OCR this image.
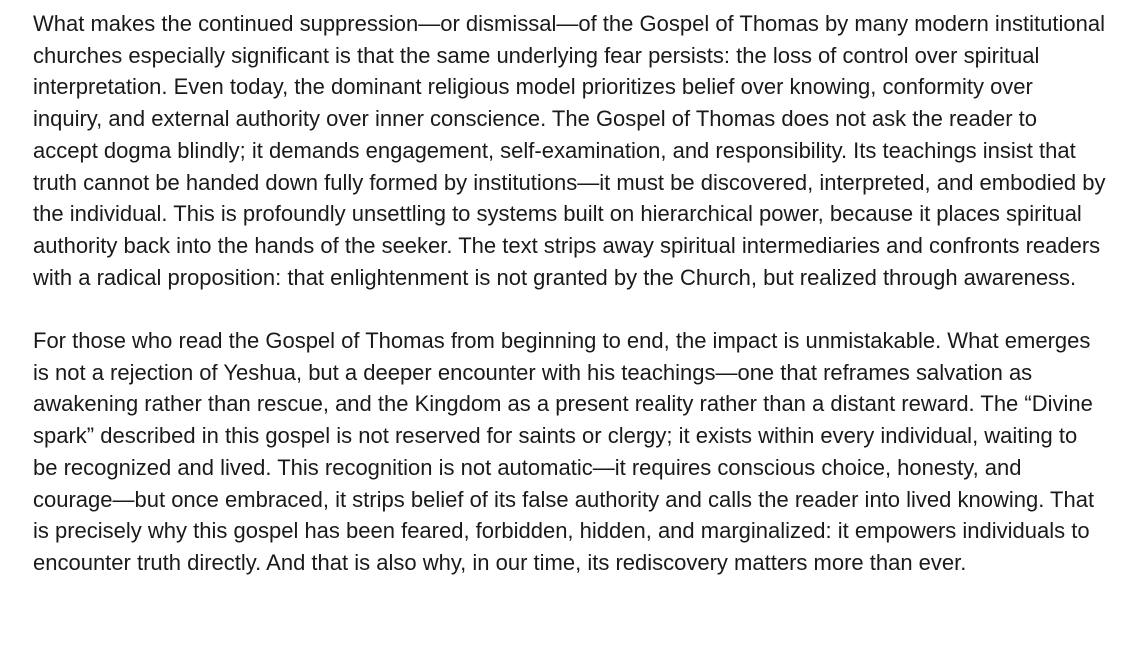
What makes the continued suppression—or dismissal—of the Gospel of Thomas by many modern institutional churches especially significant is that the same underlying fear persists: the loss of control over spiritual interpretation. Even today, the dominant religious model prioritizes belief over knowing, conformity over inquiry, and external authority over inner conscience. The Gospel of Thomas does not ask the reader to accept dogma blindly; it demands engagement, self-examination, and responsibility. Its teachings insist that truth cannot be handed down fully formed by institutions—it must be discovered, interpreted, and embodied by the individual. This is profoundly unsettling to systems built on hierarchical power, because it places spiritual authority back into the hands of the seeker. The text strips away spiritual intermediaries and confronts readers with a radical proposition: that enlightenment is not granted by the Church, but realized through awareness.

For those who read the Gospel of Thomas from beginning to end, the impact is unmistakable. What emerges is not a rejection of Yeshua, but a deeper encounter with his teachings—one that reframes salvation as awakening rather than rescue, and the Kingdom as a present reality rather than a distant reward. The “Divine spark” described in this gospel is not reserved for saints or clergy; it exists within every individual, waiting to be recognized and lived. This recognition is not automatic—it requires conscious choice, honesty, and courage—but once embraced, it strips belief of its false authority and calls the reader into lived knowing. That is precisely why this gospel has been feared, forbidden, hidden, and marginalized: it empowers individuals to encounter truth directly. And that is also why, in our time, its rediscovery matters more than ever.
